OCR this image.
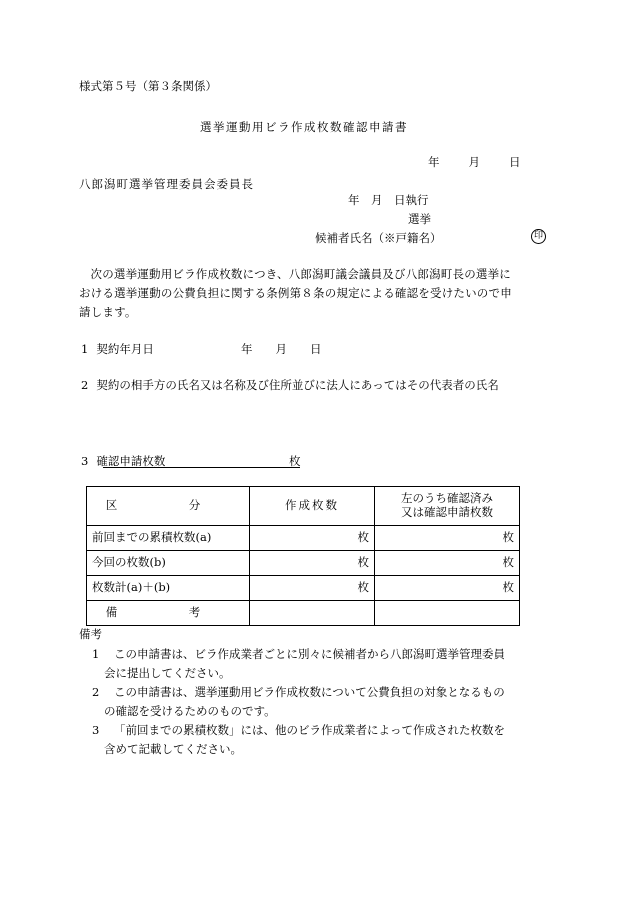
様式第５号（第３条関係）
選挙運動用ビラ作成枚数確認申請書
年	月	日
八郎潟町選挙管理委員会委員長
年　月　日執行
選挙
候補者氏名（※戸籍名）	印
次の選挙運動用ビラ作成枚数につき、八郎潟町議会議員及び八郎潟町長の選挙における選挙運動の公費負担に関する条例第８条の規定による確認を受けたいので申請します。
1 契約年月日	年　　月　　日
2 契約の相手方の氏名又は名称及び住所並びに法人にあってはその代表者の氏名
3 確認申請枚数	枚
区　分	作成枚数	左のうち確認済み
又は確認申請枚数

前回までの累積枚数(a)	枚	枚
今回の枚数(b)	枚	枚
枚数計(a)＋(b)	枚	枚
備　考		
備考
1 この申請書は、ビラ作成業者ごとに別々に候補者から八郎潟町選挙管理委員
会に提出してください。
2 この申請書は、選挙運動用ビラ作成枚数について公費負担の対象となるもの
の確認を受けるためのものです。
3 「前回までの累積枚数」には、他のビラ作成業者によって作成された枚数を
含めて記載してください。
